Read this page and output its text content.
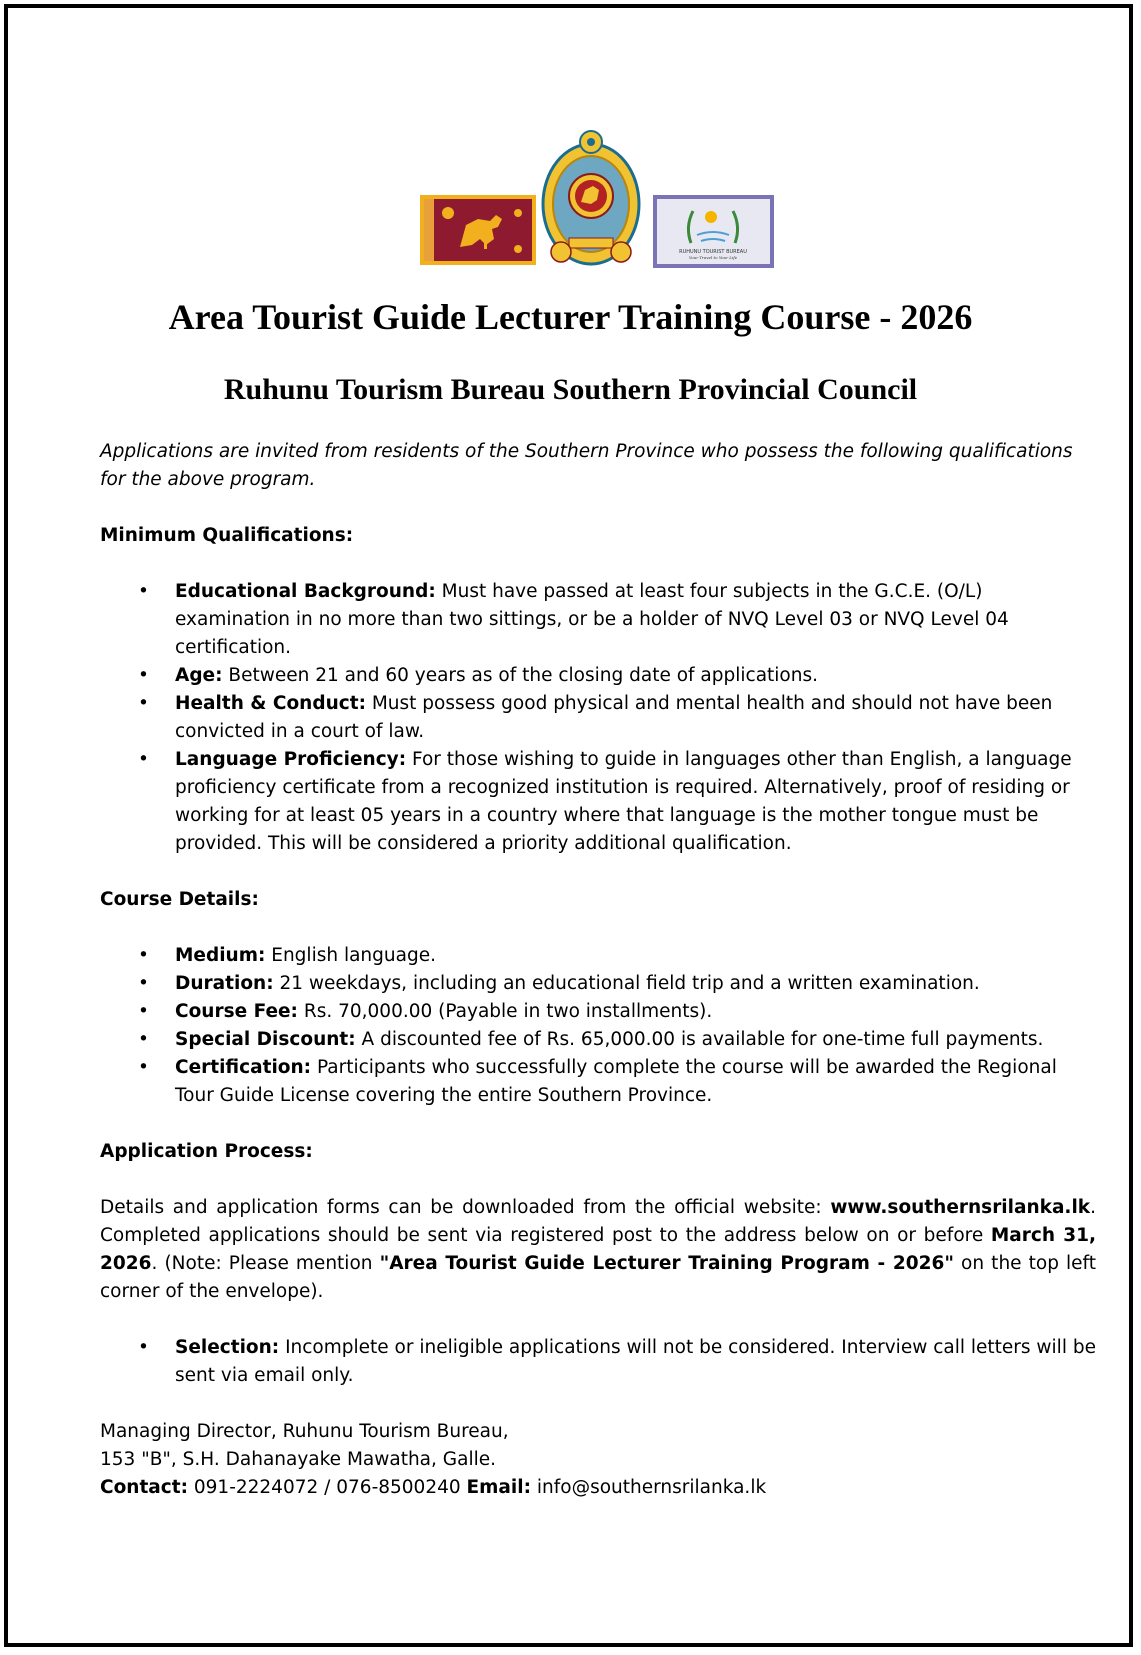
RUHUNU TOURIST BUREAU
Your Travel to Your Life
Area Tourist Guide Lecturer Training Course - 2026
Ruhunu Tourism Bureau Southern Provincial Council

Applications are invited from residents of the Southern Province who possess the following qualifications for the above program.

Minimum Qualifications:

• Educational Background: Must have passed at least four subjects in the G.C.E. (O/L) examination in no more than two sittings, or be a holder of NVQ Level 03 or NVQ Level 04 certification.
• Age: Between 21 and 60 years as of the closing date of applications.
• Health & Conduct: Must possess good physical and mental health and should not have been convicted in a court of law.
• Language Proficiency: For those wishing to guide in languages other than English, a language proficiency certificate from a recognized institution is required. Alternatively, proof of residing or working for at least 05 years in a country where that language is the mother tongue must be provided. This will be considered a priority additional qualification.

Course Details:

• Medium: English language.
• Duration: 21 weekdays, including an educational field trip and a written examination.
• Course Fee: Rs. 70,000.00 (Payable in two installments).
• Special Discount: A discounted fee of Rs. 65,000.00 is available for one-time full payments.
• Certification: Participants who successfully complete the course will be awarded the Regional Tour Guide License covering the entire Southern Province.

Application Process:

Details and application forms can be downloaded from the official website: www.southernsrilanka.lk. Completed applications should be sent via registered post to the address below on or before March 31, 2026. (Note: Please mention "Area Tourist Guide Lecturer Training Program - 2026" on the top left corner of the envelope).

• Selection: Incomplete or ineligible applications will not be considered. Interview call letters will be sent via email only.

Managing Director, Ruhunu Tourism Bureau,

153 "B", S.H. Dahanayake Mawatha, Galle.

Contact: 091-2224072 / 076-8500240 Email: info@southernsrilanka.lk
